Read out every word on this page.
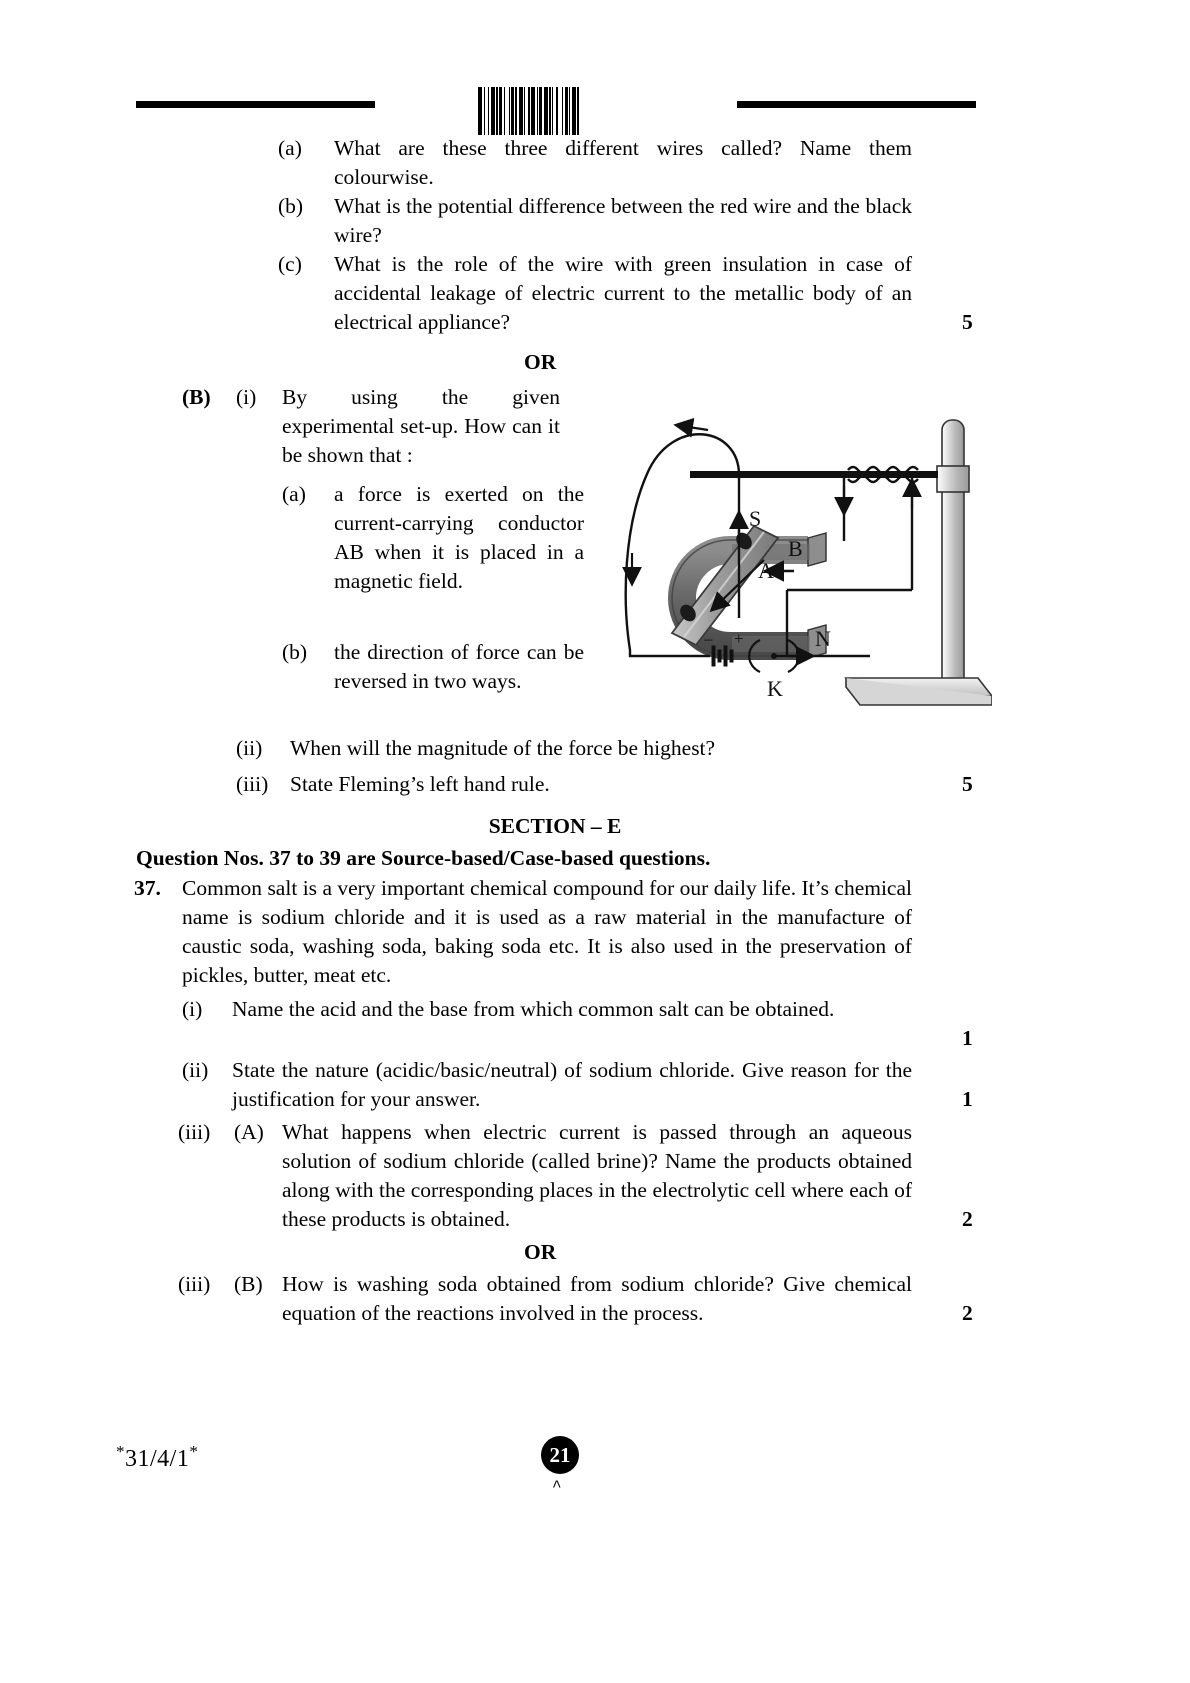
(a) What are these three different wires called? Name them colourwise.
(b) What is the potential difference between the red wire and the black wire?
(c) What is the role of the wire with green insulation in case of accidental leakage of electric current to the metallic body of an electrical appliance?	5
OR
(B) (i) By using the given experimental set-up. How can it be shown that :
(a) a force is exerted on the current-carrying conductor AB when it is placed in a magnetic field.
(b) the direction of force can be reversed in two ways.
(ii) When will the magnitude of the force be highest?
(iii) State Fleming’s left hand rule.	5
– +
S
N
A
B
K
SECTION – E
Question Nos. 37 to 39 are Source-based/Case-based questions.
37. Common salt is a very important chemical compound for our daily life. It’s chemical name is sodium chloride and it is used as a raw material in the manufacture of caustic soda, washing soda, baking soda etc. It is also used in the preservation of pickles, butter, meat etc.
(i) Name the acid and the base from which common salt can be obtained.
1
(ii) State the nature (acidic/basic/neutral) of sodium chloride. Give reason for the justification for your answer.	1
(iii) (A) What happens when electric current is passed through an aqueous solution of sodium chloride (called brine)? Name the products obtained along with the corresponding places in the electrolytic cell where each of these products is obtained.	2
OR
(iii) (B) How is washing soda obtained from sodium chloride? Give chemical equation of the reactions involved in the process.	2
*31/4/1*	21
^
